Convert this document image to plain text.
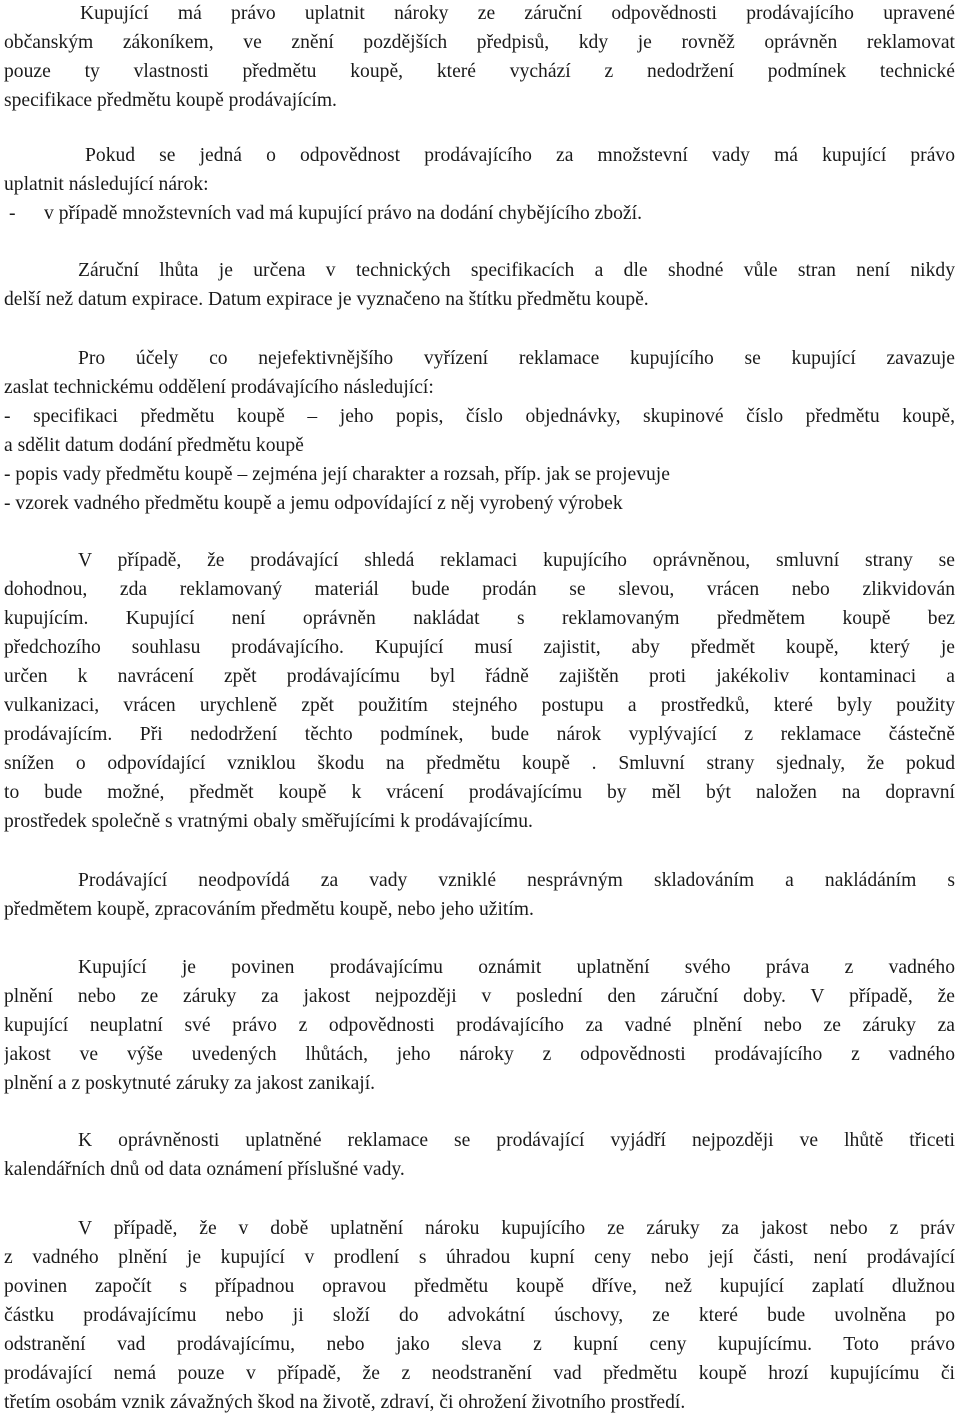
Kupující má právo uplatnit nároky ze záruční odpovědnosti prodávajícího upravené
občanským zákoníkem, ve znění pozdějších předpisů, kdy je rovněž oprávněn reklamovat
pouze ty vlastnosti předmětu koupě, které vychází z nedodržení podmínek technické
specifikace předmětu koupě prodávajícím.
Pokud se jedná o odpovědnost prodávajícího za množstevní vady má kupující právo
uplatnit následující nárok:
- v případě množstevních vad má kupující právo na dodání chybějícího zboží.
Záruční lhůta je určena v technických specifikacích a dle shodné vůle stran není nikdy
delší než datum expirace. Datum expirace je vyznačeno na štítku předmětu koupě.
Pro účely co nejefektivnějšího vyřízení reklamace kupujícího se kupující zavazuje
zaslat technickému oddělení prodávajícího následující:
- specifikaci předmětu koupě – jeho popis, číslo objednávky, skupinové číslo předmětu koupě,
a sdělit datum dodání předmětu koupě
- popis vady předmětu koupě – zejména její charakter a rozsah, příp. jak se projevuje
- vzorek vadného předmětu koupě a jemu odpovídající z něj vyrobený výrobek
V případě, že prodávající shledá reklamaci kupujícího oprávněnou, smluvní strany se
dohodnou, zda reklamovaný materiál bude prodán se slevou, vrácen nebo zlikvidován
kupujícím. Kupující není oprávněn nakládat s reklamovaným předmětem koupě bez
předchozího souhlasu prodávajícího. Kupující musí zajistit, aby předmět koupě, který je
určen k navrácení zpět prodávajícímu byl řádně zajištěn proti jakékoliv kontaminaci a
vulkanizaci, vrácen urychleně zpět použitím stejného postupu a prostředků, které byly použity
prodávajícím. Při nedodržení těchto podmínek, bude nárok vyplývající z reklamace částečně
snížen o odpovídající vzniklou škodu na předmětu koupě . Smluvní strany sjednaly, že pokud
to bude možné, předmět koupě k vrácení prodávajícímu by měl být naložen na dopravní
prostředek společně s vratnými obaly směřujícími k prodávajícímu.
Prodávající neodpovídá za vady vzniklé nesprávným skladováním a nakládáním s
předmětem koupě, zpracováním předmětu koupě, nebo jeho užitím.
Kupující je povinen prodávajícímu oznámit uplatnění svého práva z vadného
plnění nebo ze záruky za jakost nejpozději v poslední den záruční doby. V případě, že
kupující neuplatní své právo z odpovědnosti prodávajícího za vadné plnění nebo ze záruky za
jakost ve výše uvedených lhůtách, jeho nároky z odpovědnosti prodávajícího z vadného
plnění a z poskytnuté záruky za jakost zanikají.
K oprávněnosti uplatněné reklamace se prodávající vyjádří nejpozději ve lhůtě třiceti
kalendářních dnů od data oznámení příslušné vady.
V případě, že v době uplatnění nároku kupujícího ze záruky za jakost nebo z práv
z vadného plnění je kupující v prodlení s úhradou kupní ceny nebo její části, není prodávající
povinen započít s případnou opravou předmětu koupě dříve, než kupující zaplatí dlužnou
částku prodávajícímu nebo ji složí do advokátní úschovy, ze které bude uvolněna po
odstranění vad prodávajícímu, nebo jako sleva z kupní ceny kupujícímu. Toto právo
prodávající nemá pouze v případě, že z neodstranění vad předmětu koupě hrozí kupujícímu či
třetím osobám vznik závažných škod na životě, zdraví, či ohrožení životního prostředí.
